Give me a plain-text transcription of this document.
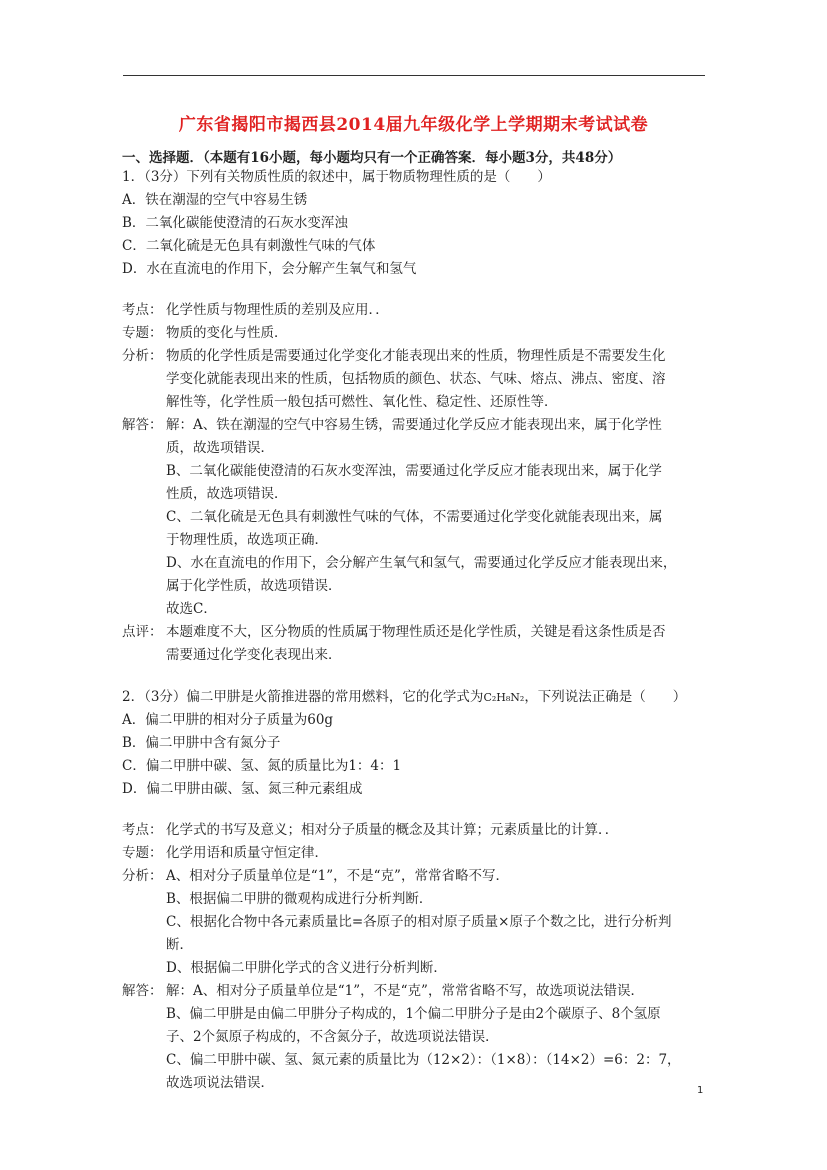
广东省揭阳市揭西县2014届九年级化学上学期期末考试试卷
一、选择题．（本题有16小题，每小题均只有一个正确答案．每小题3分，共48分）
1．（3分）下列有关物质性质的叙述中，属于物质物理性质的是（　　）
A．铁在潮湿的空气中容易生锈
B．二氧化碳能使澄清的石灰水变浑浊
C．二氧化硫是无色具有刺激性气味的气体
D．水在直流电的作用下，会分解产生氧气和氢气
考点： 化学性质与物理性质的差别及应用．．
专题： 物质的变化与性质．
分析： 物质的化学性质是需要通过化学变化才能表现出来的性质，物理性质是不需要发生化
学变化就能表现出来的性质，包括物质的颜色、状态、气味、熔点、沸点、密度、溶
解性等，化学性质一般包括可燃性、氧化性、稳定性、还原性等．
解答： 解：A、铁在潮湿的空气中容易生锈，需要通过化学反应才能表现出来，属于化学性
质，故选项错误．
B、二氧化碳能使澄清的石灰水变浑浊，需要通过化学反应才能表现出来，属于化学
性质，故选项错误．
C、二氧化硫是无色具有刺激性气味的气体，不需要通过化学变化就能表现出来，属
于物理性质，故选项正确．
D、水在直流电的作用下，会分解产生氧气和氢气，需要通过化学反应才能表现出来，
属于化学性质，故选项错误．
故选C．
点评： 本题难度不大，区分物质的性质属于物理性质还是化学性质，关键是看这条性质是否
需要通过化学变化表现出来．
2．（3分）偏二甲肼是火箭推进器的常用燃料，它的化学式为C₂H₈N₂，下列说法正确是（　　）
A．偏二甲肼的相对分子质量为60g
B．偏二甲肼中含有氮分子
C．偏二甲肼中碳、氢、氮的质量比为1：4：1
D．偏二甲肼由碳、氢、氮三种元素组成
考点： 化学式的书写及意义；相对分子质量的概念及其计算；元素质量比的计算．．
专题： 化学用语和质量守恒定律．
分析： A、相对分子质量单位是“1”，不是“克”，常常省略不写．
B、根据偏二甲肼的微观构成进行分析判断．
C、根据化合物中各元素质量比=各原子的相对原子质量×原子个数之比，进行分析判
断．
D、根据偏二甲肼化学式的含义进行分析判断．
解答： 解：A、相对分子质量单位是“1”，不是“克”，常常省略不写，故选项说法错误．
B、偏二甲肼是由偏二甲肼分子构成的，1个偏二甲肼分子是由2个碳原子、8个氢原
子、2个氮原子构成的，不含氮分子，故选项说法错误．
C、偏二甲肼中碳、氢、氮元素的质量比为（12×2）：（1×8）：（14×2）=6：2：7，
故选项说法错误．	1
